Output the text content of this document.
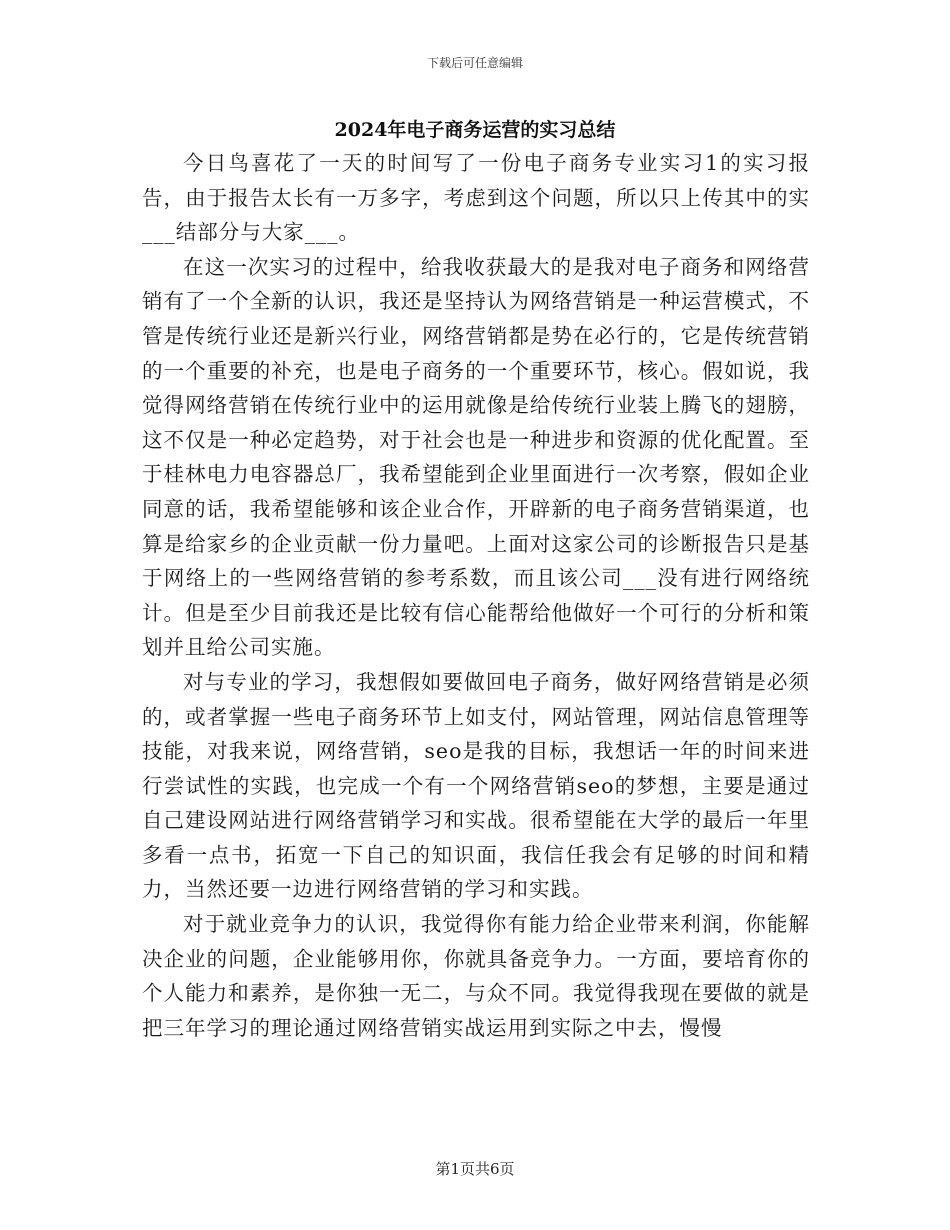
下载后可任意编辑
2024年电子商务运营的实习总结

今日鸟喜花了一天的时间写了一份电子商务专业实习1的实习报告，由于报告太长有一万多字，考虑到这个问题，所以只上传其中的实___结部分与大家___。

在这一次实习的过程中，给我收获最大的是我对电子商务和网络营销有了一个全新的认识，我还是坚持认为网络营销是一种运营模式，不管是传统行业还是新兴行业，网络营销都是势在必行的，它是传统营销的一个重要的补充，也是电子商务的一个重要环节，核心。假如说，我觉得网络营销在传统行业中的运用就像是给传统行业装上腾飞的翅膀，这不仅是一种必定趋势，对于社会也是一种进步和资源的优化配置。至于桂林电力电容器总厂，我希望能到企业里面进行一次考察，假如企业同意的话，我希望能够和该企业合作，开辟新的电子商务营销渠道，也算是给家乡的企业贡献一份力量吧。上面对这家公司的诊断报告只是基于网络上的一些网络营销的参考系数，而且该公司___没有进行网络统计。但是至少目前我还是比较有信心能帮给他做好一个可行的分析和策划并且给公司实施。

对与专业的学习，我想假如要做回电子商务，做好网络营销是必须的，或者掌握一些电子商务环节上如支付，网站管理，网站信息管理等技能，对我来说，网络营销，seo是我的目标，我想话一年的时间来进行尝试性的实践，也完成一个有一个网络营销seo的梦想，主要是通过自己建设网站进行网络营销学习和实战。很希望能在大学的最后一年里多看一点书，拓宽一下自己的知识面，我信任我会有足够的时间和精力，当然还要一边进行网络营销的学习和实践。

对于就业竞争力的认识，我觉得你有能力给企业带来利润，你能解决企业的问题，企业能够用你，你就具备竞争力。一方面，要培育你的个人能力和素养，是你独一无二，与众不同。我觉得我现在要做的就是把三年学习的理论通过网络营销实战运用到实际之中去，慢慢

第1页共6页
